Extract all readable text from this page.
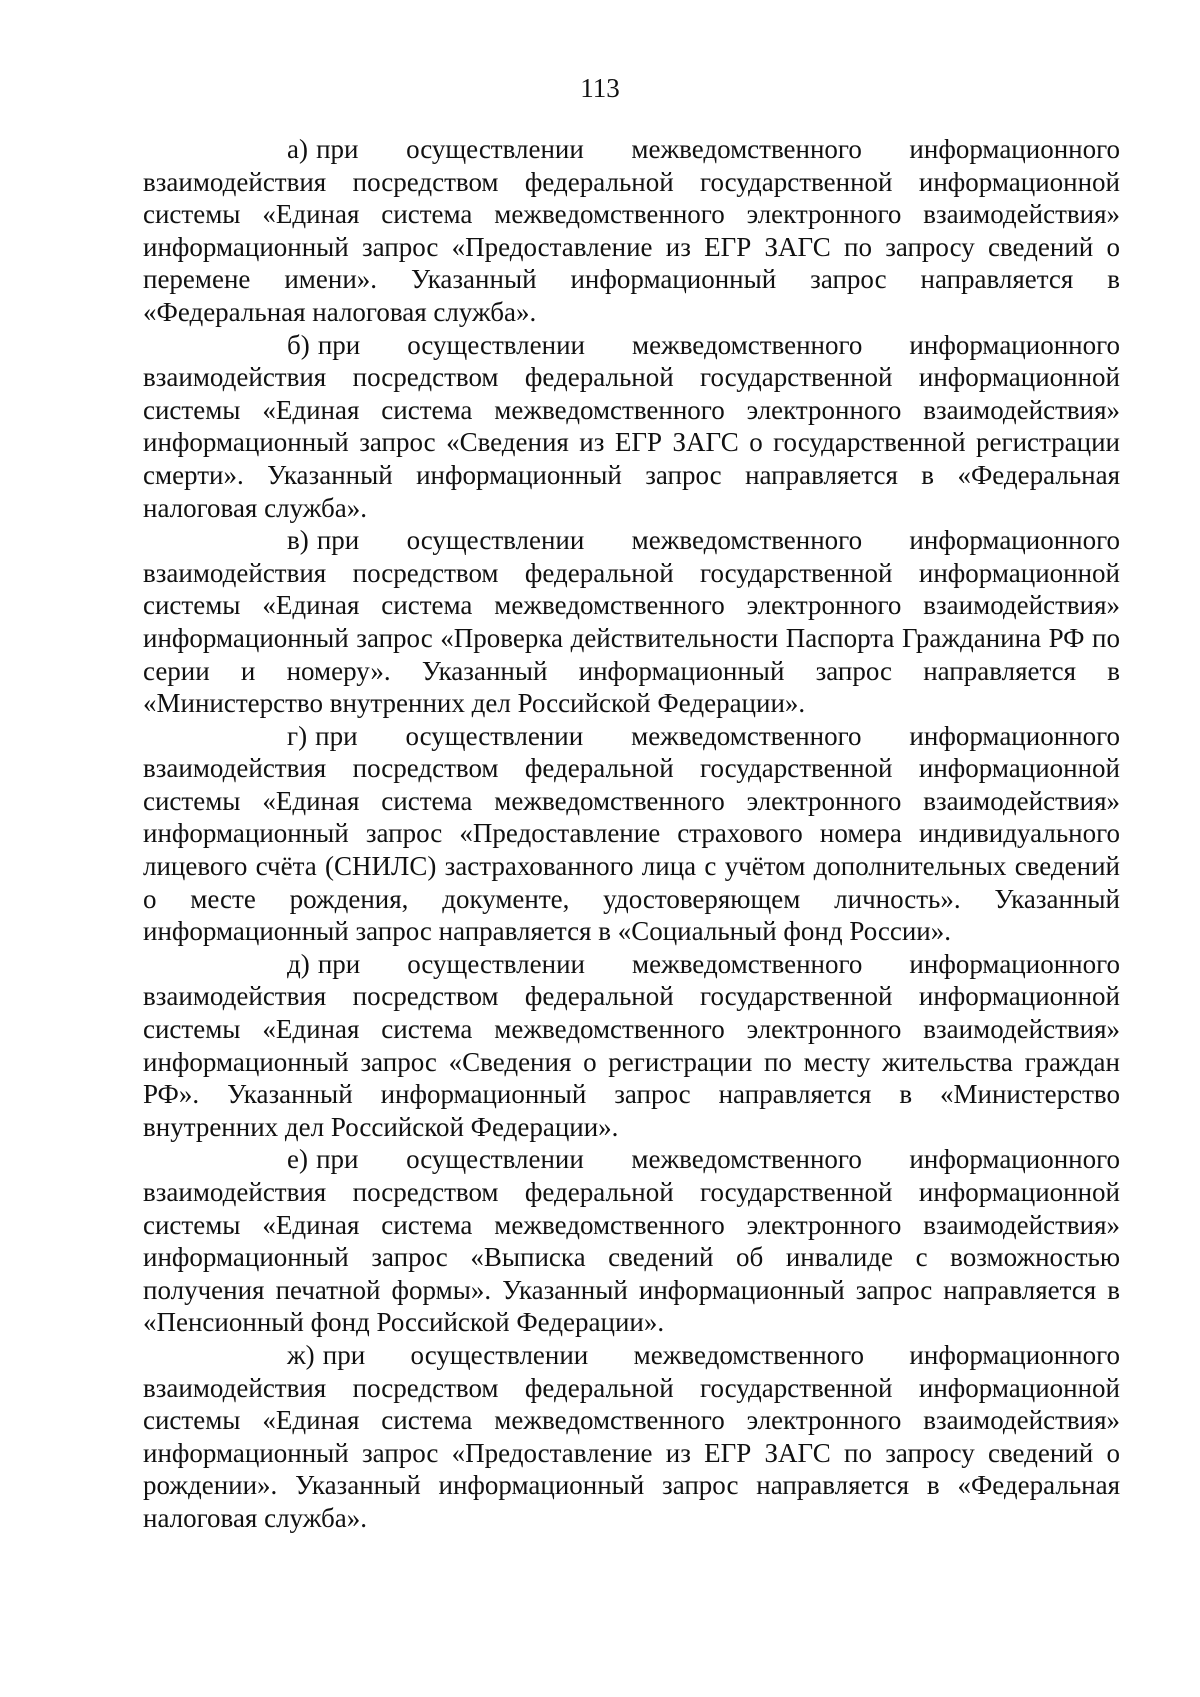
113

а) при осуществлении межведомственного информационного взаимодействия посредством федеральной государственной информационной системы «Единая система межведомственного электронного взаимодействия» информационный запрос «Предоставление из ЕГР ЗАГС по запросу сведений о перемене имени». Указанный информационный запрос направляется в «Федеральная налоговая служба».

б) при осуществлении межведомственного информационного взаимодействия посредством федеральной государственной информационной системы «Единая система межведомственного электронного взаимодействия» информационный запрос «Сведения из ЕГР ЗАГС о государственной регистрации смерти». Указанный информационный запрос направляется в «Федеральная налоговая служба».

в) при осуществлении межведомственного информационного взаимодействия посредством федеральной государственной информационной системы «Единая система межведомственного электронного взаимодействия» информационный запрос «Проверка действительности Паспорта Гражданина РФ по серии и номеру». Указанный информационный запрос направляется в «Министерство внутренних дел Российской Федерации».

г) при осуществлении межведомственного информационного взаимодействия посредством федеральной государственной информационной системы «Единая система межведомственного электронного взаимодействия» информационный запрос «Предоставление страхового номера индивидуального лицевого счёта (СНИЛС) застрахованного лица с учётом дополнительных сведений о месте рождения, документе, удостоверяющем личность». Указанный информационный запрос направляется в «Социальный фонд России».

д) при осуществлении межведомственного информационного взаимодействия посредством федеральной государственной информационной системы «Единая система межведомственного электронного взаимодействия» информационный запрос «Сведения о регистрации по месту жительства граждан РФ». Указанный информационный запрос направляется в «Министерство внутренних дел Российской Федерации».

е) при осуществлении межведомственного информационного взаимодействия посредством федеральной государственной информационной системы «Единая система межведомственного электронного взаимодействия» информационный запрос «Выписка сведений об инвалиде с возможностью получения печатной формы». Указанный информационный запрос направляется в «Пенсионный фонд Российской Федерации».

ж) при осуществлении межведомственного информационного взаимодействия посредством федеральной государственной информационной системы «Единая система межведомственного электронного взаимодействия» информационный запрос «Предоставление из ЕГР ЗАГС по запросу сведений о рождении». Указанный информационный запрос направляется в «Федеральная налоговая служба».
